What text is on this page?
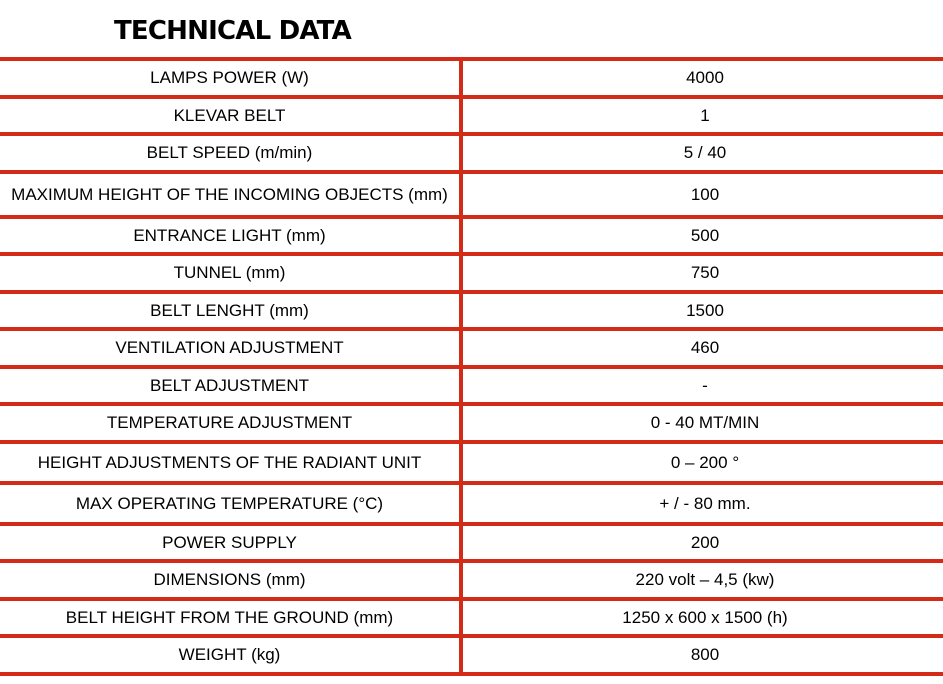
TECHNICAL DATA
LAMPS POWER (W)	4000
KLEVAR BELT	1
BELT SPEED (m/min)	5 / 40
MAXIMUM HEIGHT OF THE INCOMING OBJECTS (mm)	100
ENTRANCE LIGHT (mm)	500
TUNNEL (mm)	750
BELT LENGHT (mm)	1500
VENTILATION ADJUSTMENT	460
BELT ADJUSTMENT	-
TEMPERATURE ADJUSTMENT	0 - 40 MT/MIN
HEIGHT ADJUSTMENTS OF THE RADIANT UNIT	0 – 200 °
MAX OPERATING TEMPERATURE (°C)	+ / - 80 mm.
POWER SUPPLY	200
DIMENSIONS (mm)	220 volt – 4,5 (kw)
BELT HEIGHT FROM THE GROUND (mm)	1250 x 600 x 1500 (h)
WEIGHT (kg)	800
